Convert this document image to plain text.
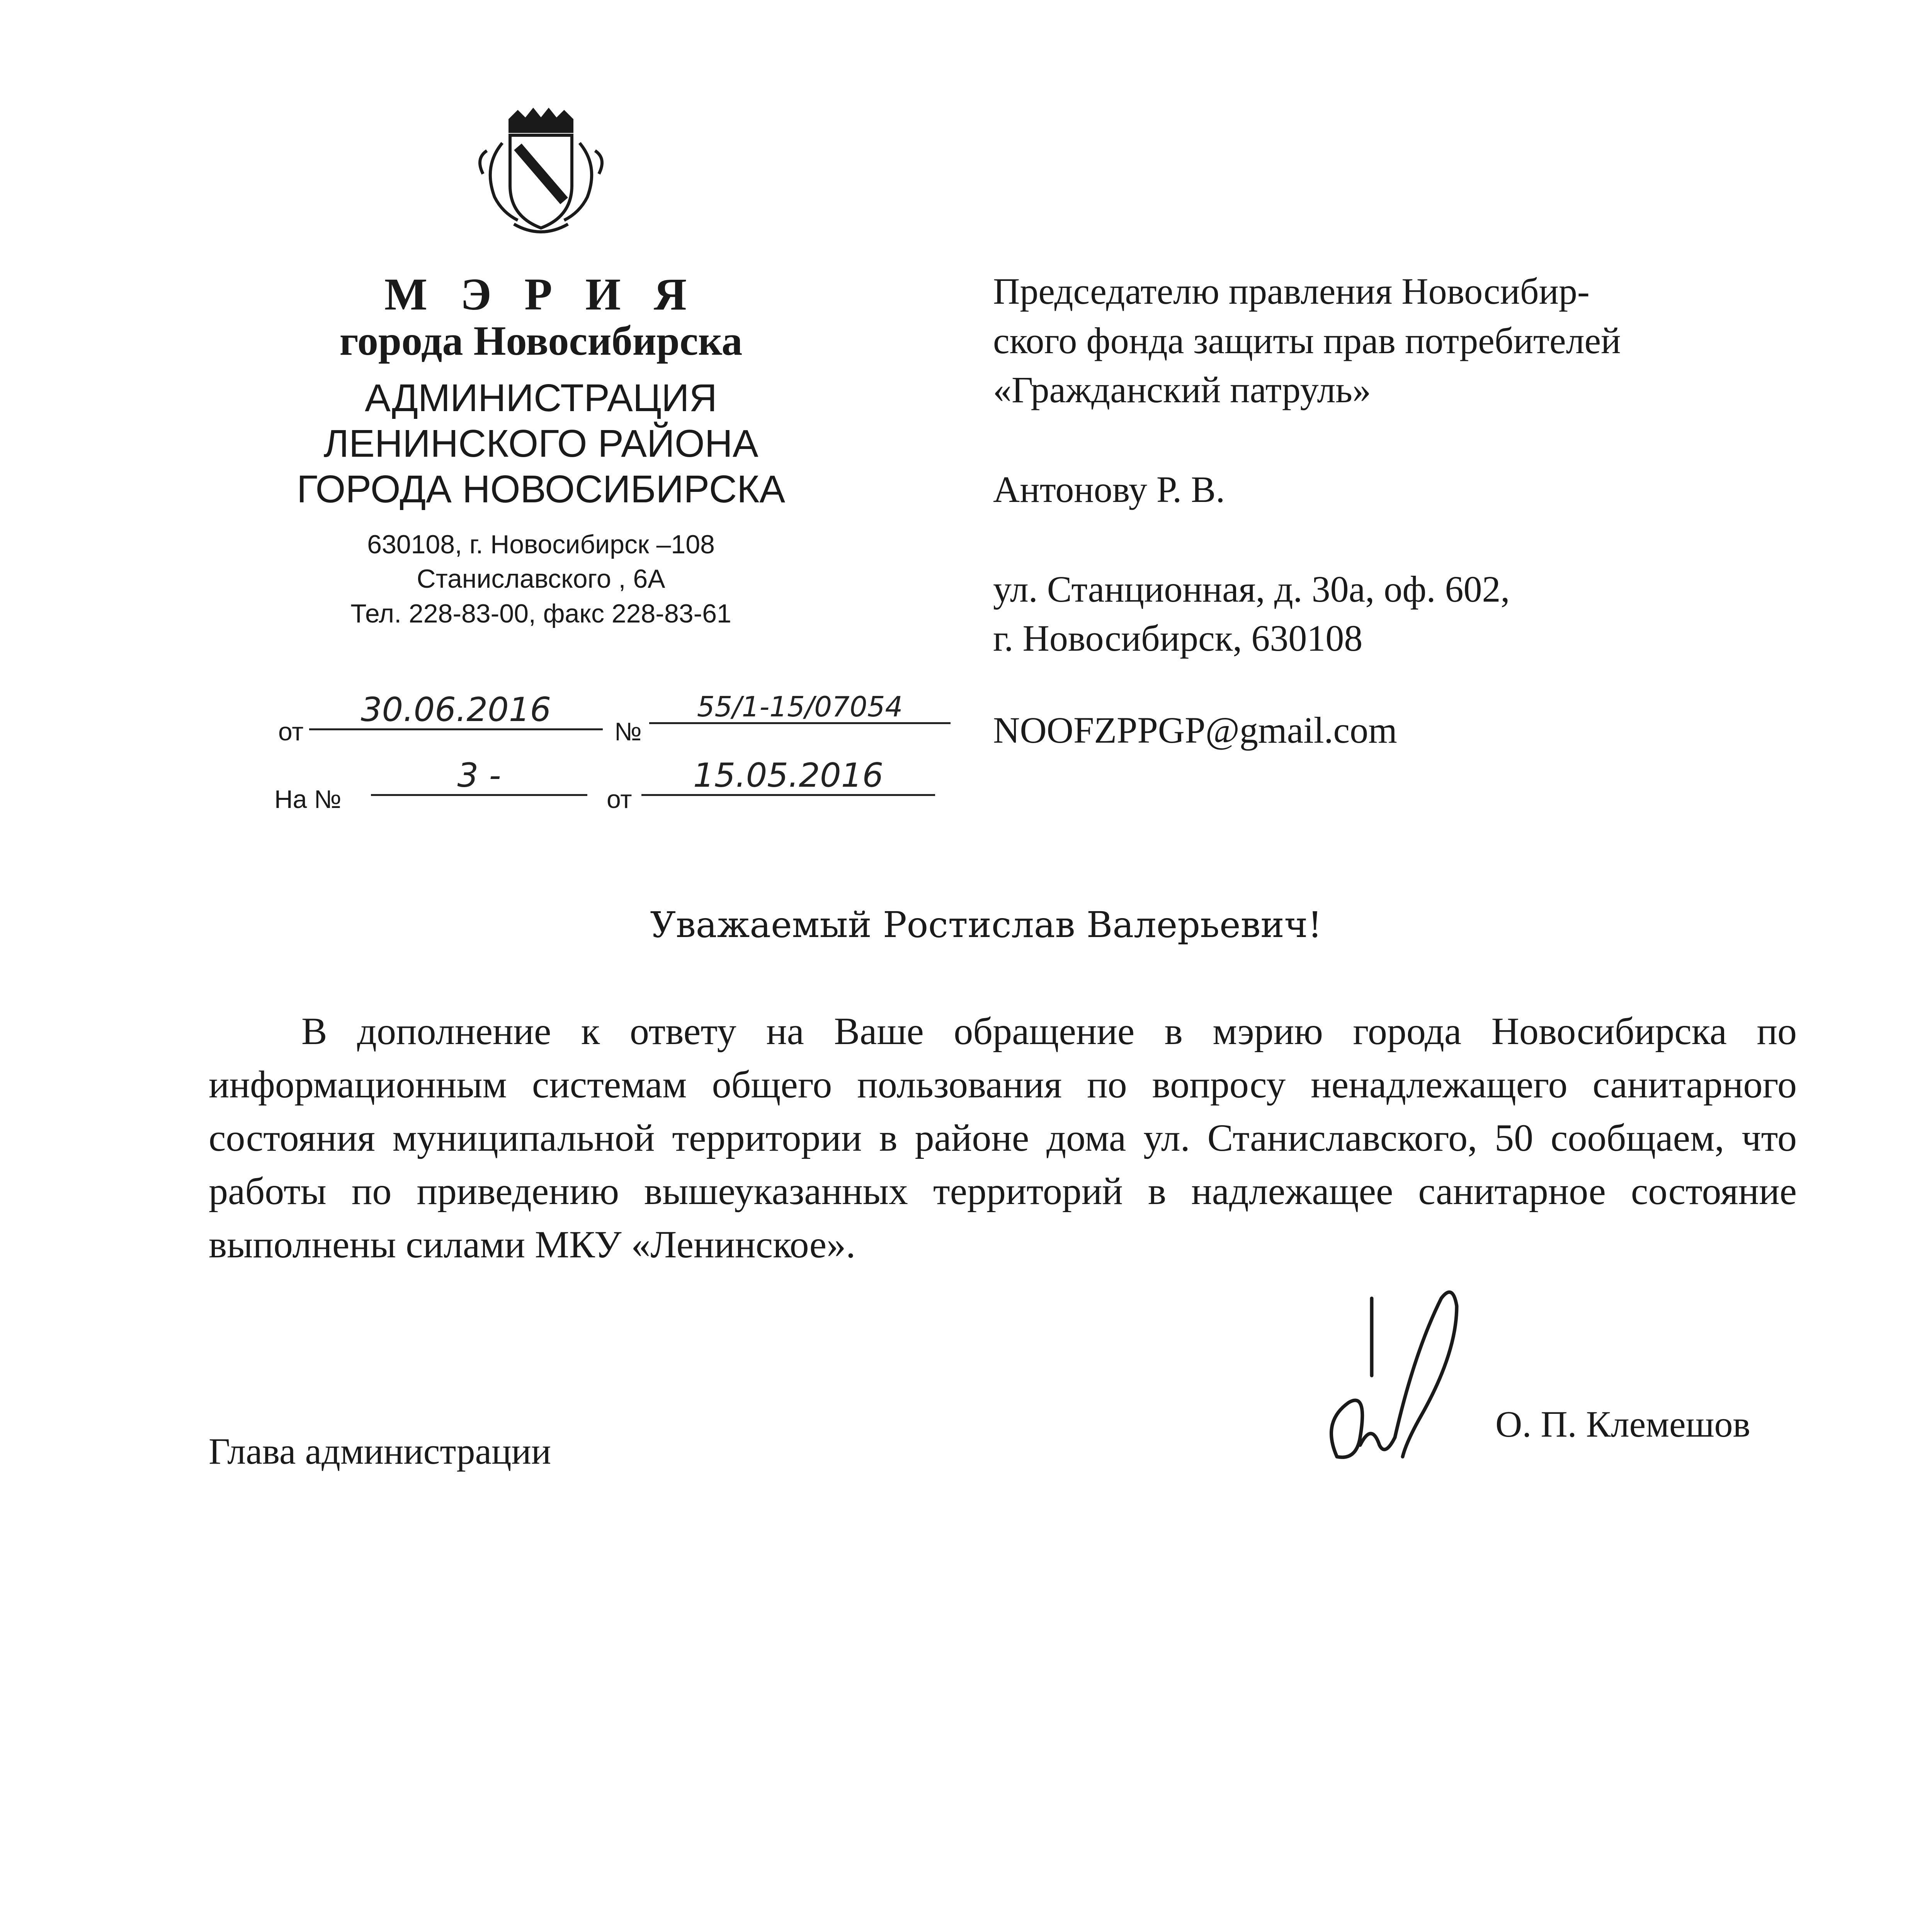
М Э Р И Я
города Новосибирска
АДМИНИСТРАЦИЯ
ЛЕНИНСКОГО РАЙОНА
ГОРОДА НОВОСИБИРСКА
630108, г. Новосибирск –108
Станиславского , 6А
Тел. 228-83-00, факс 228-83-61
от
30.06.2016
№
55/1-15/07054
На №
3 -
от
15.05.2016

Председателю правления Новосибир-

ского фонда защиты прав потребителей

«Гражданский патруль»

Антонову Р. В.

ул. Станционная, д. 30а, оф. 602,

г. Новосибирск, 630108

NOOFZPPGP@gmail.com

Уважаемый Ростислав Валерьевич!

В дополнение к ответу на Ваше обращение в мэрию города Новосибирска по информационным системам общего пользования по вопросу ненадлежащего санитарного состояния муниципальной территории в районе дома ул. Станиславского, 50 сообщаем, что работы по приведению вышеуказанных территорий в надлежащее санитарное состояние выполнены силами МКУ «Ленинское».

Глава администрации
О. П. Клемешов
